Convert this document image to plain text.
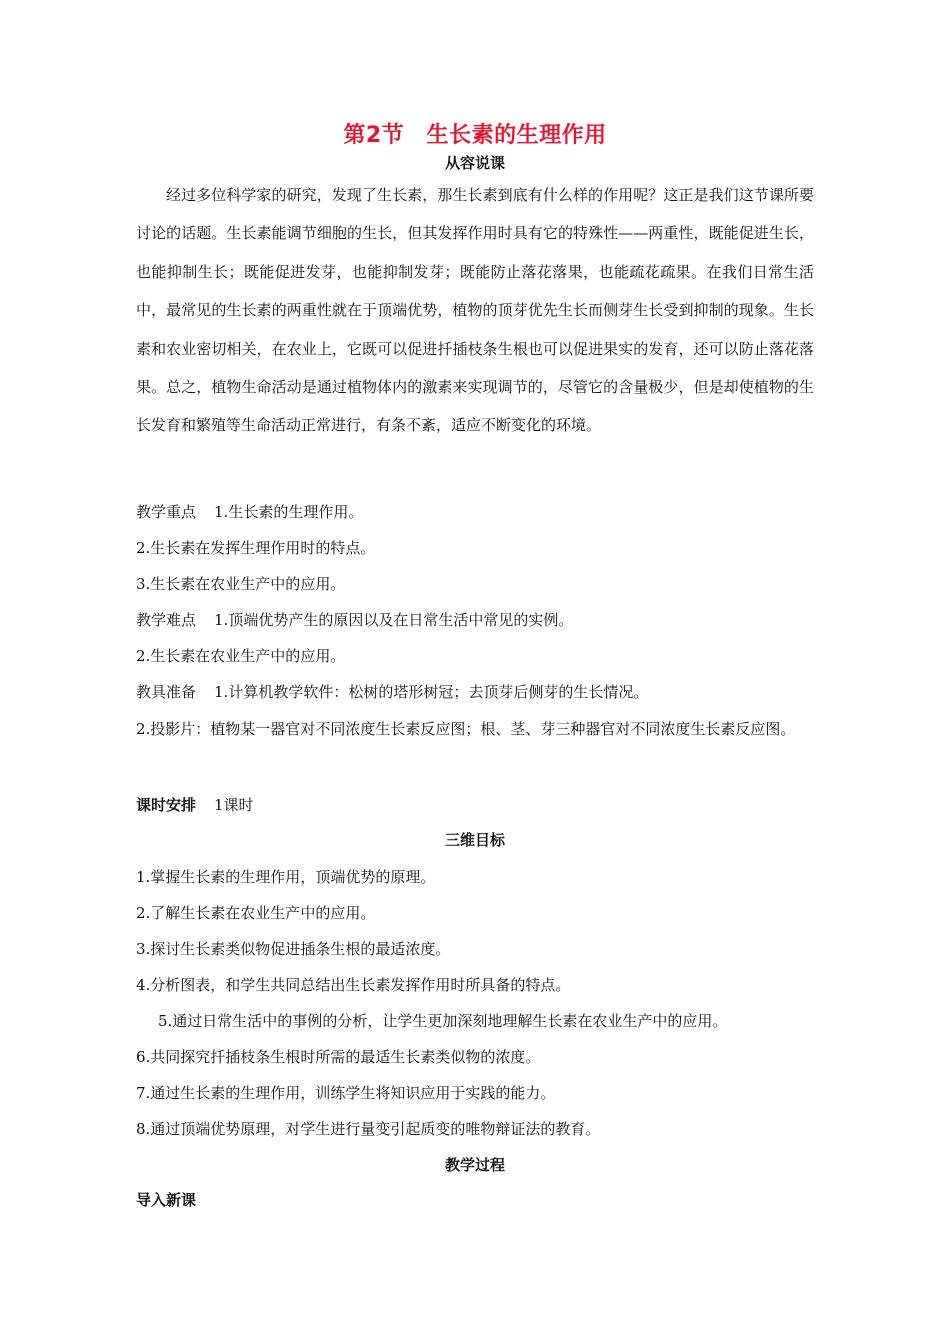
第2节　生长素的生理作用
从容说课
经过多位科学家的研究，发现了生长素，那生长素到底有什么样的作用呢？这正是我们这节课所要讨论的话题。生长素能调节细胞的生长，但其发挥作用时具有它的特殊性——两重性，既能促进生长，也能抑制生长；既能促进发芽，也能抑制发芽；既能防止落花落果，也能疏花疏果。在我们日常生活中，最常见的生长素的两重性就在于顶端优势，植物的顶芽优先生长而侧芽生长受到抑制的现象。生长素和农业密切相关，在农业上，它既可以促进扦插枝条生根也可以促进果实的发育，还可以防止落花落果。总之，植物生命活动是通过植物体内的激素来实现调节的，尽管它的含量极少，但是却使植物的生长发育和繁殖等生命活动正常进行，有条不紊，适应不断变化的环境。
教学重点 1.生长素的生理作用。
2.生长素在发挥生理作用时的特点。
3.生长素在农业生产中的应用。
教学难点 1.顶端优势产生的原因以及在日常生活中常见的实例。
2.生长素在农业生产中的应用。
教具准备 1.计算机教学软件：松树的塔形树冠；去顶芽后侧芽的生长情况。
2.投影片：植物某一器官对不同浓度生长素反应图；根、茎、芽三种器官对不同浓度生长素反应图。
课时安排 1课时
三维目标
1.掌握生长素的生理作用，顶端优势的原理。
2.了解生长素在农业生产中的应用。
3.探讨生长素类似物促进插条生根的最适浓度。
4.分析图表，和学生共同总结出生长素发挥作用时所具备的特点。
5.通过日常生活中的事例的分析，让学生更加深刻地理解生长素在农业生产中的应用。
6.共同探究扦插枝条生根时所需的最适生长素类似物的浓度。
7.通过生长素的生理作用，训练学生将知识应用于实践的能力。
8.通过顶端优势原理，对学生进行量变引起质变的唯物辩证法的教育。
教学过程
导入新课
